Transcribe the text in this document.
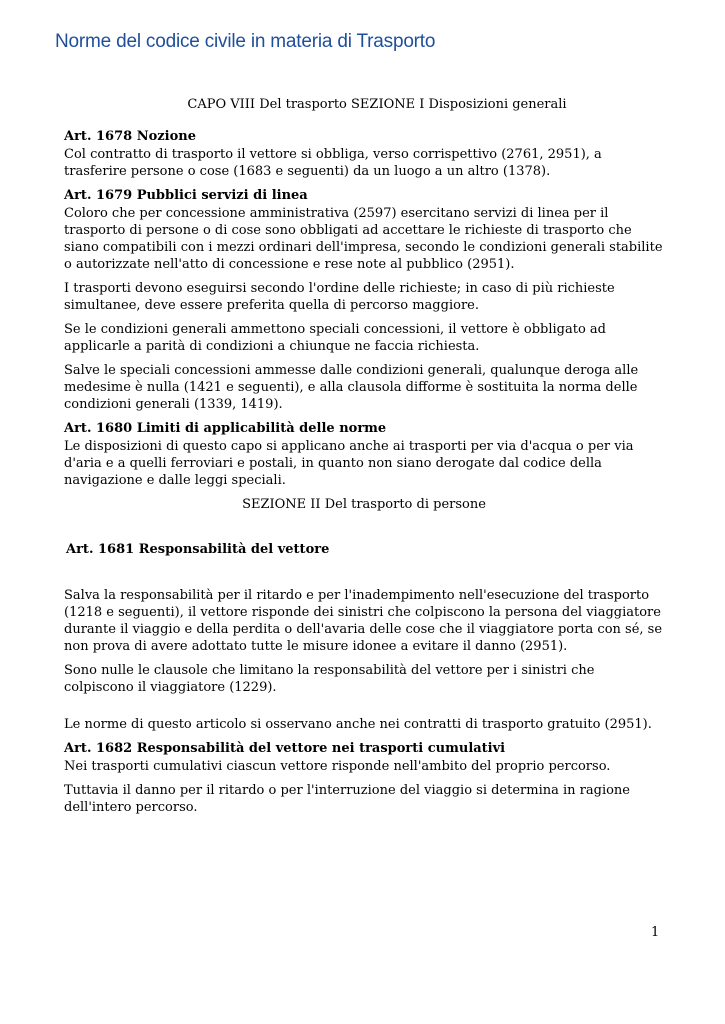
Norme del codice civile in materia di Trasporto
CAPO VIII Del trasporto SEZIONE I Disposizioni generali
Art. 1678 Nozione
Col contratto di trasporto il vettore si obbliga, verso corrispettivo (2761, 2951), a trasferire persone o cose (1683 e seguenti) da un luogo a un altro (1378).
Art. 1679 Pubblici servizi di linea
Coloro che per concessione amministrativa (2597) esercitano servizi di linea per il trasporto di persone o di cose sono obbligati ad accettare le richieste di trasporto che siano compatibili con i mezzi ordinari dell'impresa, secondo le condizioni generali stabilite o autorizzate nell'atto di concessione e rese note al pubblico (2951).
I trasporti devono eseguirsi secondo l'ordine delle richieste; in caso di più richieste simultanee, deve essere preferita quella di percorso maggiore.
Se le condizioni generali ammettono speciali concessioni, il vettore è obbligato ad applicarle a parità di condizioni a chiunque ne faccia richiesta.
Salve le speciali concessioni ammesse dalle condizioni generali, qualunque deroga alle medesime è nulla (1421 e seguenti), e alla clausola difforme è sostituita la norma delle condizioni generali (1339, 1419).
Art. 1680 Limiti di applicabilità delle norme
Le disposizioni di questo capo si applicano anche ai trasporti per via d'acqua o per via d'aria e a quelli ferroviari e postali, in quanto non siano derogate dal codice della navigazione e dalle leggi speciali.
SEZIONE II Del trasporto di persone
Art. 1681 Responsabilità del vettore
Salva la responsabilità per il ritardo e per l'inadempimento nell'esecuzione del trasporto (1218 e seguenti), il vettore risponde dei sinistri che colpiscono la persona del viaggiatore durante il viaggio e della perdita o dell'avaria delle cose che il viaggiatore porta con sé, se non prova di avere adottato tutte le misure idonee a evitare il danno (2951).
Sono nulle le clausole che limitano la responsabilità del vettore per i sinistri che colpiscono il viaggiatore (1229).
Le norme di questo articolo si osservano anche nei contratti di trasporto gratuito (2951).
Art. 1682 Responsabilità del vettore nei trasporti cumulativi
Nei trasporti cumulativi ciascun vettore risponde nell'ambito del proprio percorso.
Tuttavia il danno per il ritardo o per l'interruzione del viaggio si determina in ragione dell'intero percorso.
1
